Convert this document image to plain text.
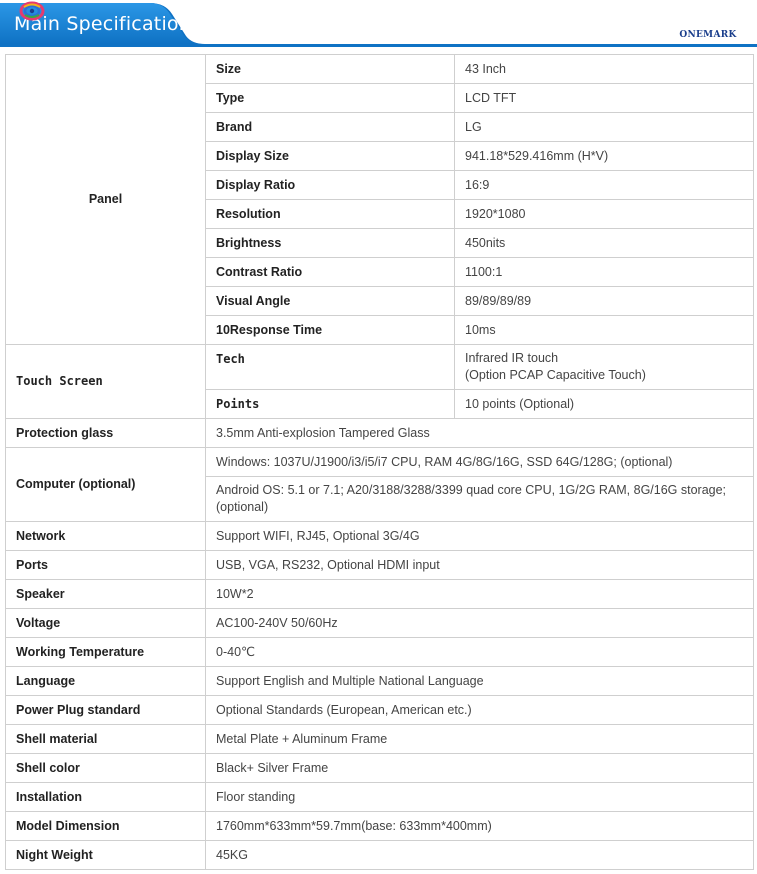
Main Specification	ONEMARK
Panel	Size	43 Inch
	Type	LCD TFT
	Brand	LG
	Display Size	941.18*529.416mm (H*V)
	Display Ratio	16:9
	Resolution	1920*1080
	Brightness	450nits
	Contrast Ratio	1100:1
	Visual Angle	89/89/89/89
	10Response Time	10ms
Touch Screen	Tech	Infrared IR touch
(Option PCAP Capacitive Touch)

	Points	10 points (Optional)
Protection glass	3.5mm Anti-explosion Tampered Glass	
Computer (optional)	Windows: 1037U/J1900/i3/i5/i7 CPU, RAM 4G/8G/16G, SSD 64G/128G; (optional)	
	Android OS: 5.1 or 7.1; A20/3188/3288/3399 quad core CPU, 1G/2G RAM, 8G/16G storage; (optional)	
Network	Support WIFI, RJ45, Optional 3G/4G	
Ports	USB, VGA, RS232, Optional HDMI input	
Speaker	10W*2	
Voltage	AC100-240V 50/60Hz	
Working Temperature	0-40℃	
Language	Support English and Multiple National Language	
Power Plug standard	Optional Standards (European, American etc.)	
Shell material	Metal Plate + Aluminum Frame	
Shell color	Black+ Silver Frame	
Installation	Floor standing	
Model Dimension	1760mm*633mm*59.7mm(base: 633mm*400mm)	
Night Weight	45KG	
